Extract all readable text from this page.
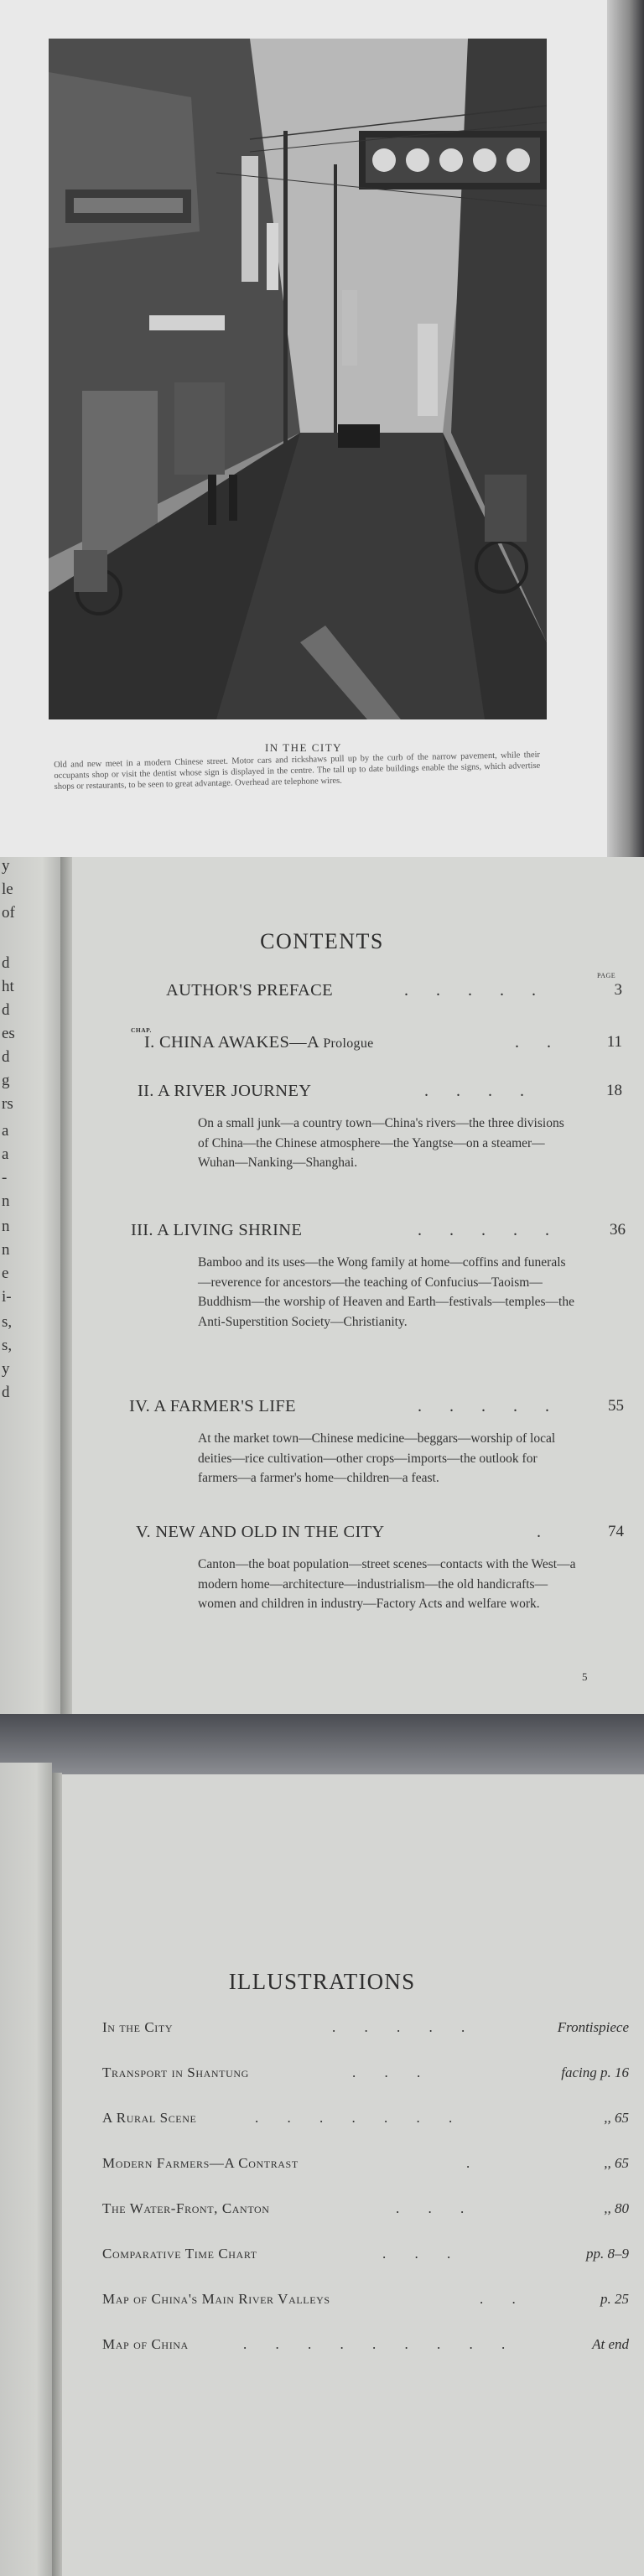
IN THE CITY
Old and new meet in a modern Chinese street. Motor cars and rickshaws pull up by the curb of the narrow pavement, while their occupants shop or visit the dentist whose sign is displayed in the centre. The tall up to date buildings enable the signs, which advertise shops or restaurants, to be seen to great advantage. Overhead are telephone wires.
y
le
of
d
ht
d
es
d
g
rs
a
a
-
n
n
n
e
i-
s,
s,
y
d
CONTENTS
PAGE
CHAP.
AUTHOR'S PREFACE	. . . . .	3
I. CHINA AWAKES—A Prologue	. .	11
II. A RIVER JOURNEY	. . . .	18
On a small junk—a country town—China's rivers—the three divisions of China—the Chinese atmosphere—the Yangtse—on a steamer—Wuhan—Nanking—Shanghai.
III. A LIVING SHRINE	. . . . .	36
Bamboo and its uses—the Wong family at home—coffins and funerals—reverence for ancestors—the teaching of Confucius—Taoism—Buddhism—the worship of Heaven and Earth—festivals—temples—the Anti-Superstition Society—Christianity.
IV. A FARMER'S LIFE	. . . . .	55
At the market town—Chinese medicine—beggars—worship of local deities—rice cultivation—other crops—imports—the outlook for farmers—a farmer's home—children—a feast.
V. NEW AND OLD IN THE CITY	.	74
Canton—the boat population—street scenes—contacts with the West—a modern home—architecture—industrialism—the old handicrafts—women and children in industry—Factory Acts and welfare work.
5
ILLUSTRATIONS
In the City	. . . . .	Frontispiece
Transport in Shantung	. . .	facing p. 16
A Rural Scene	. . . . . . .	,, 65
Modern Farmers—A Contrast	.	,, 65
The Water-Front, Canton	. . .	,, 80
Comparative Time Chart	. . .	pp. 8–9
Map of China's Main River Valleys	. .	p. 25
Map of China	. . . . . . . . .	At end
